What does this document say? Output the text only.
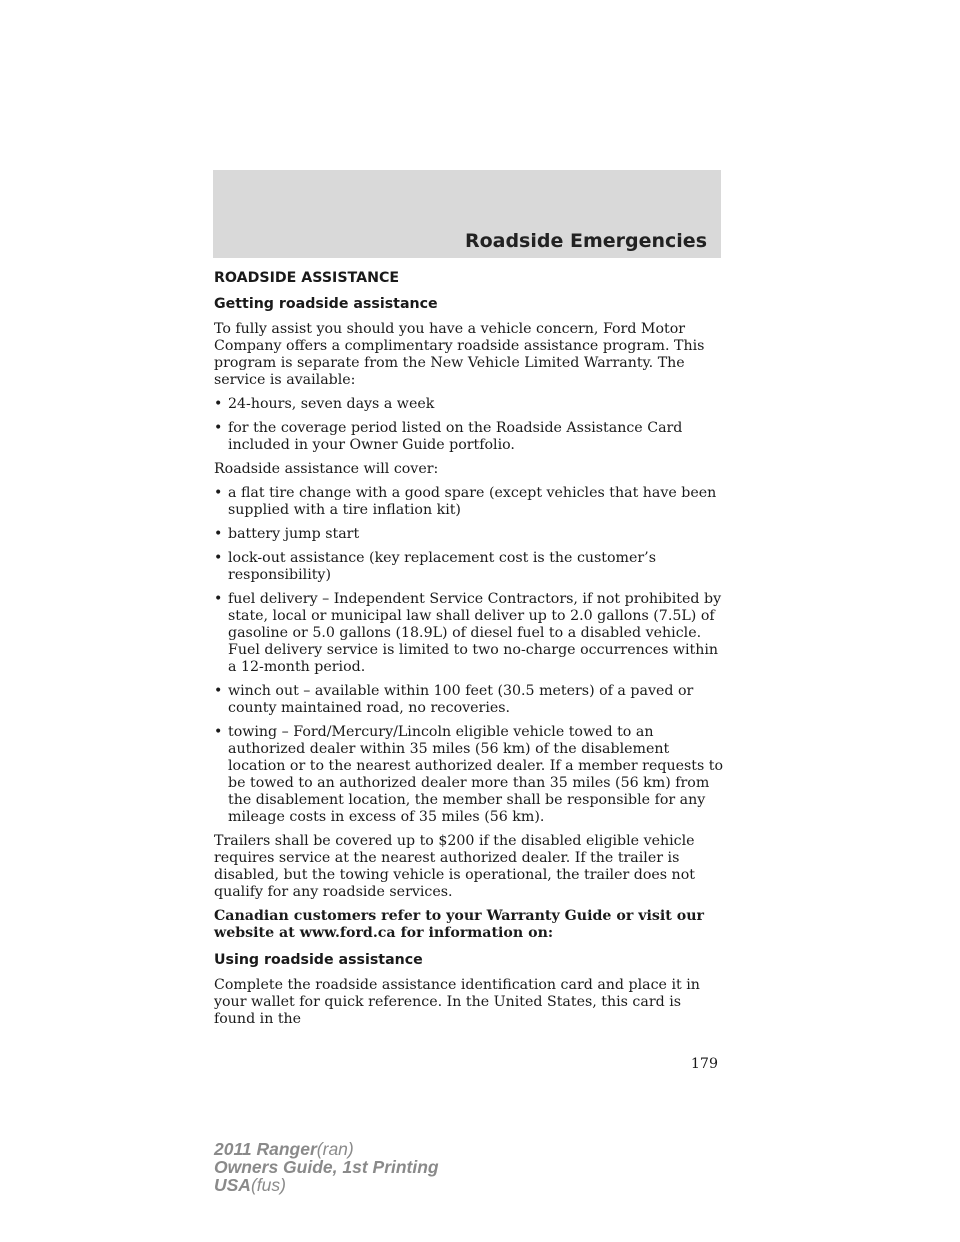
Roadside Emergencies
ROADSIDE ASSISTANCE
Getting roadside assistance

To fully assist you should you have a vehicle concern, Ford Motor Company offers a complimentary roadside assistance program. This program is separate from the New Vehicle Limited Warranty. The service is available:

• 24-hours, seven days a week
• for the coverage period listed on the Roadside Assistance Card included in your Owner Guide portfolio.

Roadside assistance will cover:

• a flat tire change with a good spare (except vehicles that have been supplied with a tire inflation kit)
• battery jump start
• lock-out assistance (key replacement cost is the customer’s responsibility)
• fuel delivery – Independent Service Contractors, if not prohibited by state, local or municipal law shall deliver up to 2.0 gallons (7.5L) of gasoline or 5.0 gallons (18.9L) of diesel fuel to a disabled vehicle. Fuel delivery service is limited to two no-charge occurrences within a 12-month period.
• winch out – available within 100 feet (30.5 meters) of a paved or county maintained road, no recoveries.
• towing – Ford/Mercury/Lincoln eligible vehicle towed to an authorized dealer within 35 miles (56 km) of the disablement location or to the nearest authorized dealer. If a member requests to be towed to an authorized dealer more than 35 miles (56 km) from the disablement location, the member shall be responsible for any mileage costs in excess of 35 miles (56 km).

Trailers shall be covered up to $200 if the disabled eligible vehicle requires service at the nearest authorized dealer. If the trailer is disabled, but the towing vehicle is operational, the trailer does not qualify for any roadside services.

Canadian customers refer to your Warranty Guide or visit our website at www.ford.ca for information on:

Using roadside assistance

Complete the roadside assistance identification card and place it in your wallet for quick reference. In the United States, this card is found in the

179
2011 Ranger(ran)
Owners Guide, 1st Printing
USA(fus)
